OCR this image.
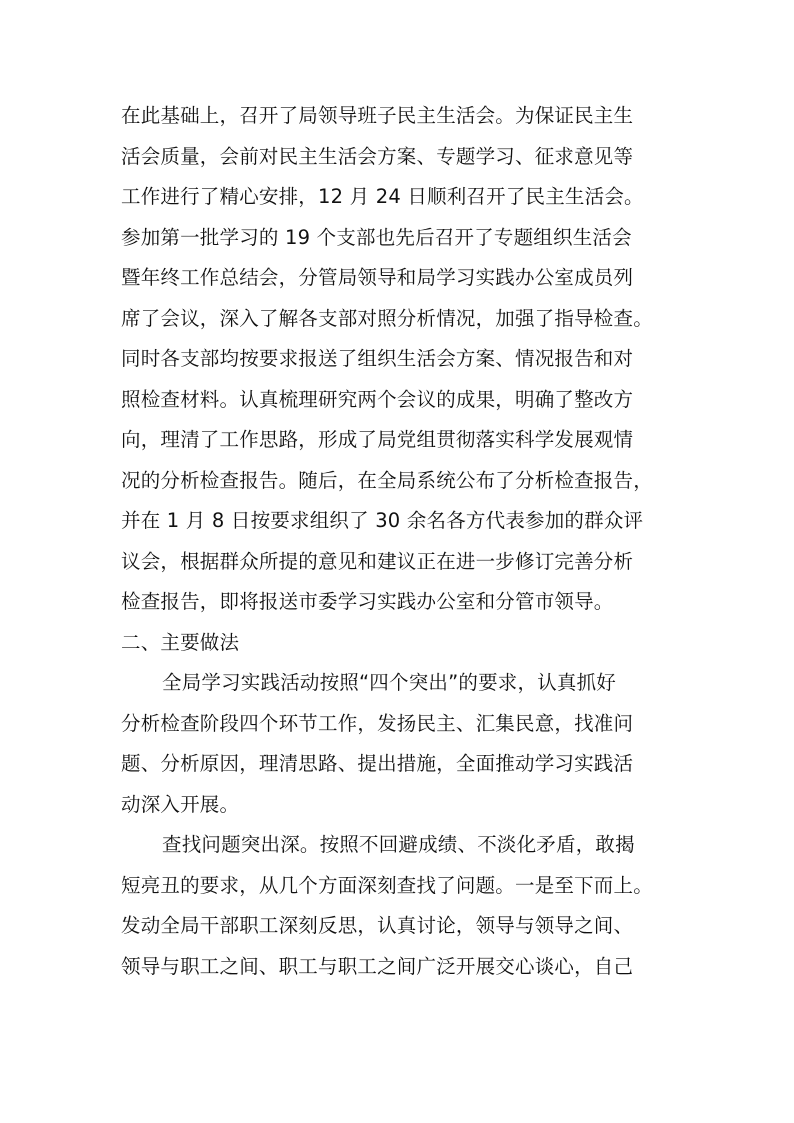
在此基础上，召开了局领导班子民主生活会。为保证民主生
活会质量，会前对民主生活会方案、专题学习、征求意见等
工作进行了精心安排，12 月 24 日顺利召开了民主生活会。
参加第一批学习的 19 个支部也先后召开了专题组织生活会
暨年终工作总结会，分管局领导和局学习实践办公室成员列
席了会议，深入了解各支部对照分析情况，加强了指导检查。
同时各支部均按要求报送了组织生活会方案、情况报告和对
照检查材料。认真梳理研究两个会议的成果，明确了整改方
向，理清了工作思路，形成了局党组贯彻落实科学发展观情
况的分析检查报告。随后，在全局系统公布了分析检查报告，
并在 1 月 8 日按要求组织了 30 余名各方代表参加的群众评
议会，根据群众所提的意见和建议正在进一步修订完善分析
检查报告，即将报送市委学习实践办公室和分管市领导。
二、主要做法
全局学习实践活动按照“四个突出”的要求，认真抓好
分析检查阶段四个环节工作，发扬民主、汇集民意，找准问
题、分析原因，理清思路、提出措施，全面推动学习实践活
动深入开展。
查找问题突出深。按照不回避成绩、不淡化矛盾，敢揭
短亮丑的要求，从几个方面深刻查找了问题。一是至下而上。
发动全局干部职工深刻反思，认真讨论，领导与领导之间、
领导与职工之间、职工与职工之间广泛开展交心谈心，自己
